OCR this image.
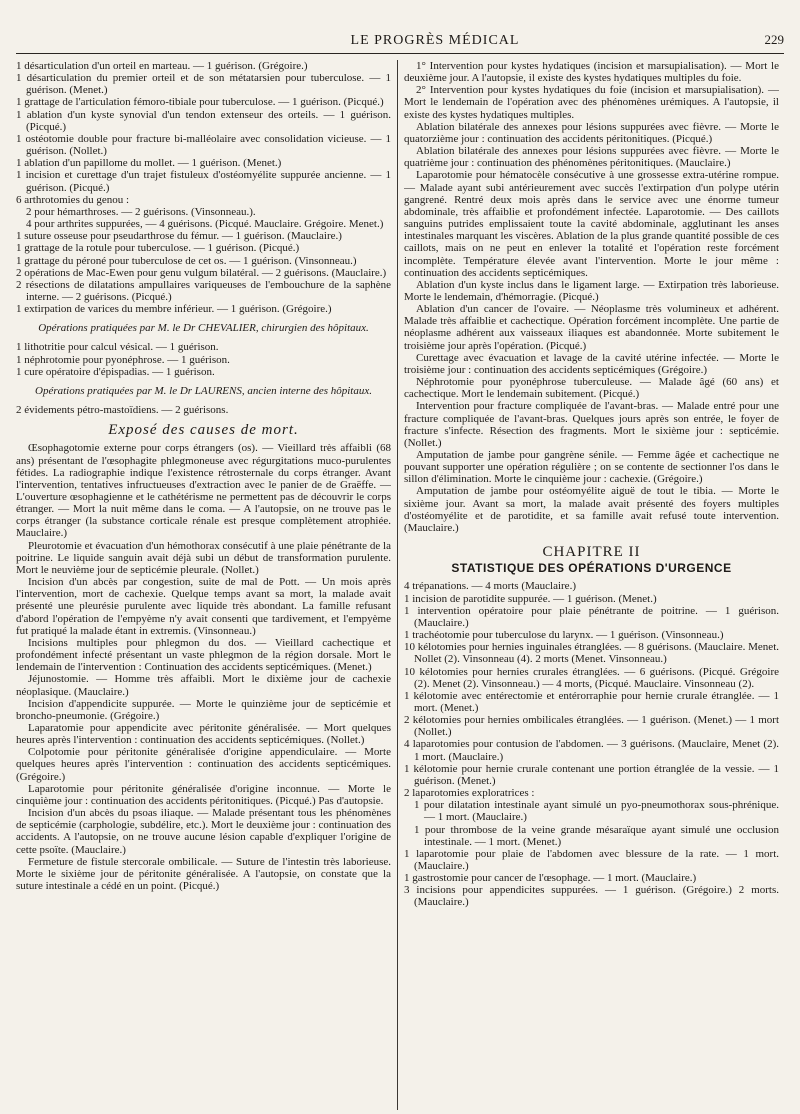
LE PROGRÈS MÉDICAL	229

1 désarticulation d'un orteil en marteau. — 1 guérison. (Grégoire.)

1 désarticulation du premier orteil et de son métatarsien pour tuberculose. — 1 guérison. (Menet.)

1 grattage de l'articulation fémoro-tibiale pour tuberculose. — 1 guérison. (Picqué.)

1 ablation d'un kyste synovial d'un tendon extenseur des orteils. — 1 guérison. (Picqué.)

1 ostéotomie double pour fracture bi-malléolaire avec consolidation vicieuse. — 1 guérison. (Nollet.)

1 ablation d'un papillome du mollet. — 1 guérison. (Menet.)

1 incision et curettage d'un trajet fistuleux d'ostéomyélite suppurée ancienne. — 1 guérison. (Picqué.)

6 arthrotomies du genou :

2 pour hémarthroses. — 2 guérisons. (Vinsonneau.).

4 pour arthrites suppurées, — 4 guérisons. (Picqué. Mauclaire. Grégoire. Menet.)

1 suture osseuse pour pseudarthrose du fémur. — 1 guérison. (Mauclaire.)

1 grattage de la rotule pour tuberculose. — 1 guérison. (Picqué.)

1 grattage du péroné pour tuberculose de cet os. — 1 guérison. (Vinsonneau.)

2 opérations de Mac-Ewen pour genu vulgum bilatéral. — 2 guérisons. (Mauclaire.)

2 résections de dilatations ampullaires variqueuses de l'embouchure de la saphène interne. — 2 guérisons. (Picqué.)

1 extirpation de varices du membre inférieur. — 1 guérison. (Grégoire.)

Opérations pratiquées par M. le Dr CHEVALIER, chirurgien des hôpitaux.

1 lithotritie pour calcul vésical. — 1 guérison.

1 néphrotomie pour pyonéphrose. — 1 guérison.

1 cure opératoire d'épispadias. — 1 guérison.

Opérations pratiquées par M. le Dr LAURENS, ancien interne des hôpitaux.

2 évidements pétro-mastoïdiens. — 2 guérisons.

Exposé des causes de mort.

Œsophagotomie externe pour corps étrangers (os). — Vieillard très affaibli (68 ans) présentant de l'œsophagite phlegmoneuse avec régurgitations muco-purulentes fétides. La radiographie indique l'existence rétrosternale du corps étranger. Avant l'intervention, tentatives infructueuses d'extraction avec le panier de de Graëffe. — L'ouverture œsophagienne et le cathétérisme ne permettent pas de découvrir le corps étranger. — Mort la nuit même dans le coma. — A l'autopsie, on ne trouve pas le corps étranger (la substance corticale rénale est presque complètement atrophiée. Mauclaire.)

Pleurotomie et évacuation d'un hémothorax consécutif à une plaie pénétrante de la poitrine. Le liquide sanguin avait déjà subi un début de transformation purulente. Mort le neuvième jour de septicémie pleurale. (Nollet.)

Incision d'un abcès par congestion, suite de mal de Pott. — Un mois après l'intervention, mort de cachexie. Quelque temps avant sa mort, la malade avait présenté une pleurésie purulente avec liquide très abondant. La famille refusant d'abord l'opération de l'empyème n'y avait consenti que tardivement, et l'empyème fut pratiqué la malade étant in extremis. (Vinsonneau.)

Incisions multiples pour phlegmon du dos. — Vieillard cachectique et profondément infecté présentant un vaste phlegmon de la région dorsale. Mort le lendemain de l'intervention : Continuation des accidents septicémiques. (Menet.)

Jéjunostomie. — Homme très affaibli. Mort le dixième jour de cachexie néoplasique. (Mauclaire.)

Incision d'appendicite suppurée. — Morte le quinzième jour de septicémie et broncho-pneumonie. (Grégoire.)

Laparatomie pour appendicite avec péritonite généralisée. — Mort quelques heures après l'intervention : continuation des accidents septicémiques. (Nollet.)

Colpotomie pour péritonite généralisée d'origine appendiculaire. — Morte quelques heures après l'intervention : continuation des accidents septicémiques. (Grégoire.)

Laparotomie pour péritonite généralisée d'origine inconnue. — Morte le cinquième jour : continuation des accidents péritonitiques. (Picqué.) Pas d'autopsie.

Incision d'un abcès du psoas iliaque. — Malade présentant tous les phénomènes de septicémie (carphologie, subdélire, etc.). Mort le deuxième jour : continuation des accidents. A l'autopsie, on ne trouve aucune lésion capable d'expliquer l'origine de cette psoïte. (Mauclaire.)

Fermeture de fistule stercorale ombilicale. — Suture de l'intestin très laborieuse. Morte le sixième jour de péritonite généralisée. A l'autopsie, on constate que la suture intestinale a cédé en un point. (Picqué.)

1° Intervention pour kystes hydatiques (incision et marsupialisation). — Mort le deuxième jour. A l'autopsie, il existe des kystes hydatiques multiples du foie.

2° Intervention pour kystes hydatiques du foie (incision et marsupialisation). — Mort le lendemain de l'opération avec des phénomènes urémiques. A l'autopsie, il existe des kystes hydatiques multiples.

Ablation bilatérale des annexes pour lésions suppurées avec fièvre. — Morte le quatorzième jour : continuation des accidents péritonitiques. (Picqué.)

Ablation bilatérale des annexes pour lésions suppurées avec fièvre. — Morte le quatrième jour : continuation des phénomènes péritonitiques. (Mauclaire.)

Laparotomie pour hématocèle consécutive à une grossesse extra-utérine rompue. — Malade ayant subi antérieurement avec succès l'extirpation d'un polype utérin gangrené. Rentré deux mois après dans le service avec une énorme tumeur abdominale, très affaiblie et profondément infectée. Laparotomie. — Des caillots sanguins putrides emplissaient toute la cavité abdominale, agglutinant les anses intestinales marquant les viscères. Ablation de la plus grande quantité possible de ces caillots, mais on ne peut en enlever la totalité et l'opération reste forcément incomplète. Température élevée avant l'intervention. Morte le jour même : continuation des accidents septicémiques.

Ablation d'un kyste inclus dans le ligament large. — Extirpation très laborieuse. Morte le lendemain, d'hémorragie. (Picqué.)

Ablation d'un cancer de l'ovaire. — Néoplasme très volumineux et adhérent. Malade très affaiblie et cachectique. Opération forcément incomplète. Une partie de néoplasme adhérent aux vaisseaux iliaques est abandonnée. Morte subitement le troisième jour après l'opération. (Picqué.)

Curettage avec évacuation et lavage de la cavité utérine infectée. — Morte le troisième jour : continuation des accidents septicémiques (Grégoire.)

Néphrotomie pour pyonéphrose tuberculeuse. — Malade âgé (60 ans) et cachectique. Mort le lendemain subitement. (Picqué.)

Intervention pour fracture compliquée de l'avant-bras. — Malade entré pour une fracture compliquée de l'avant-bras. Quelques jours après son entrée, le foyer de fracture s'infecte. Résection des fragments. Mort le sixième jour : septicémie. (Nollet.)

Amputation de jambe pour gangrène sénile. — Femme âgée et cachectique ne pouvant supporter une opération régulière ; on se contente de sectionner l'os dans le sillon d'élimination. Morte le cinquième jour : cachexie. (Grégoire.)

Amputation de jambe pour ostéomyélite aiguë de tout le tibia. — Morte le sixième jour. Avant sa mort, la malade avait présenté des foyers multiples d'ostéomyélite et de parotidite, et sa famille avait refusé toute intervention. (Mauclaire.)

CHAPITRE II

STATISTIQUE DES OPÉRATIONS D'URGENCE

4 trépanations. — 4 morts (Mauclaire.)

1 incision de parotidite suppurée. — 1 guérison. (Menet.)

1 intervention opératoire pour plaie pénétrante de poitrine. — 1 guérison. (Mauclaire.)

1 trachéotomie pour tuberculose du larynx. — 1 guérison. (Vinsonneau.)

10 kélotomies pour hernies inguinales étranglées. — 8 guérisons. (Mauclaire. Menet. Nollet (2). Vinsonneau (4). 2 morts (Menet. Vinsonneau.)

10 kélotomies pour hernies crurales étranglées. — 6 guérisons. (Picqué. Grégoire (2). Menet (2). Vinsonneau.) — 4 morts, (Picqué. Mauclaire. Vinsonneau (2).

1 kélotomie avec entérectomie et entérorraphie pour hernie crurale étranglée. — 1 mort. (Menet.)

2 kélotomies pour hernies ombilicales étranglées. — 1 guérison. (Menet.) — 1 mort (Nollet.)

4 laparotomies pour contusion de l'abdomen. — 3 guérisons. (Mauclaire, Menet (2). 1 mort. (Mauclaire.)

1 kélotomie pour hernie crurale contenant une portion étranglée de la vessie. — 1 guérison. (Menet.)

2 laparotomies exploratrices :

1 pour dilatation intestinale ayant simulé un pyo-pneumothorax sous-phrénique. — 1 mort. (Mauclaire.)

1 pour thrombose de la veine grande mésaraïque ayant simulé une occlusion intestinale. — 1 mort. (Menet.)

1 laparotomie pour plaie de l'abdomen avec blessure de la rate. — 1 mort. (Mauclaire.)

1 gastrostomie pour cancer de l'œsophage. — 1 mort. (Mauclaire.)

3 incisions pour appendicites suppurées. — 1 guérison. (Grégoire.) 2 morts. (Mauclaire.)
